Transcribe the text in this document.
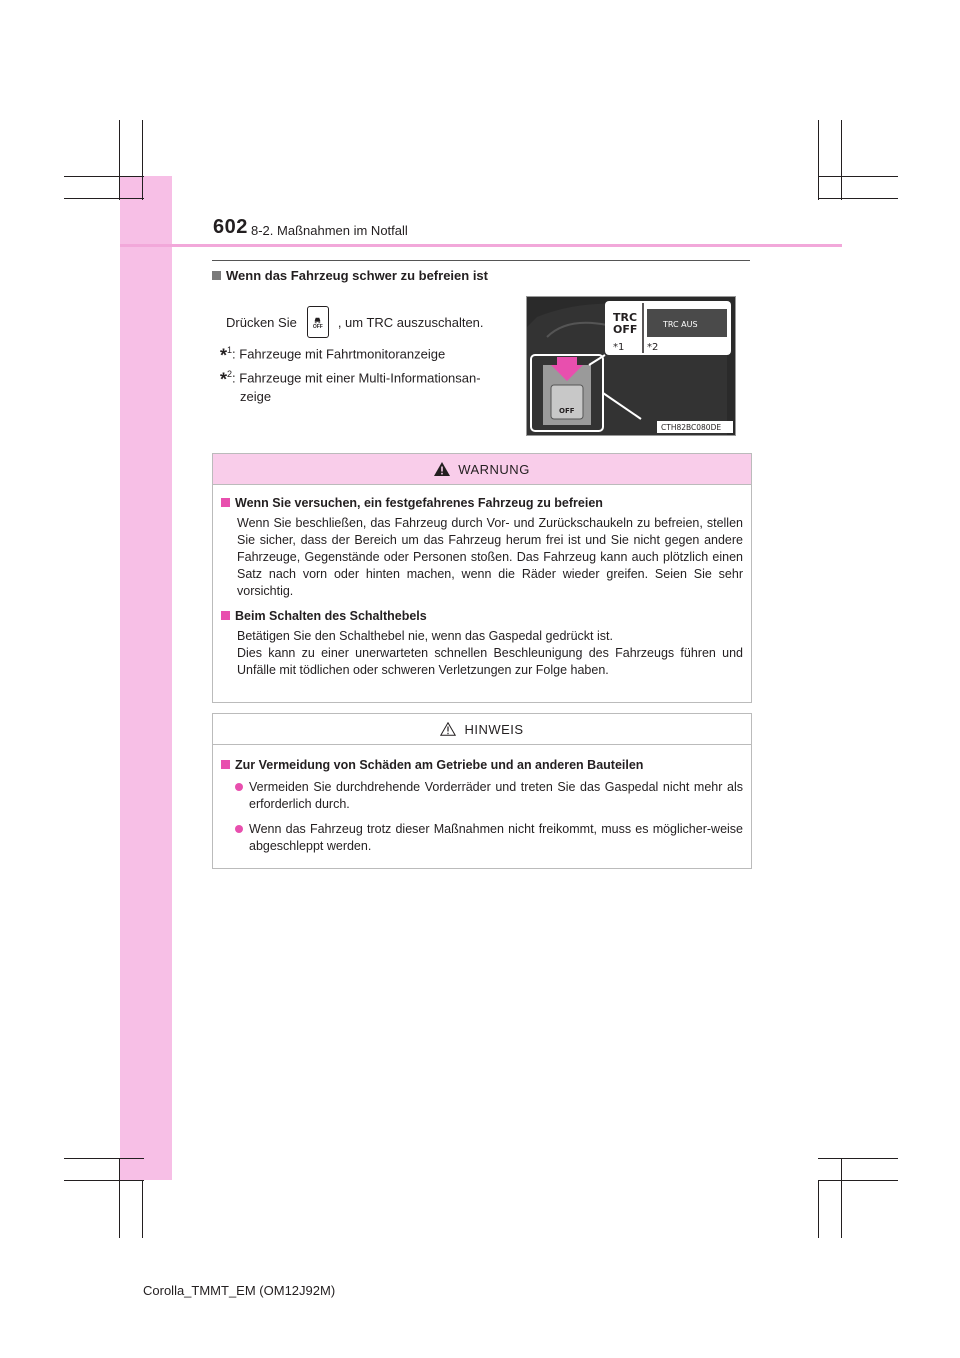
602 8-2. Maßnahmen im Notfall
Wenn das Fahrzeug schwer zu befreien ist
Drücken Sie	OFF , um TRC auszuschalten.
*$^1$: Fahrzeuge mit Fahrtmonitoranzeige
*$^2$: Fahrzeuge mit einer Multi-Informationsan-
zeige
TRC
OFF	TRC AUS
*1 *2
OFF
CTH82BC080DE
WARNUNG
Wenn Sie versuchen, ein festgefahrenes Fahrzeug zu befreien
Wenn Sie beschließen, das Fahrzeug durch Vor- und Zurückschaukeln zu befreien, stellen Sie sicher, dass der Bereich um das Fahrzeug herum frei ist und Sie nicht gegen andere Fahrzeuge, Gegenstände oder Personen stoßen. Das Fahrzeug kann auch plötzlich einen Satz nach vorn oder hinten machen, wenn die Räder wieder greifen. Seien Sie sehr vorsichtig.
Beim Schalten des Schalthebels
Betätigen Sie den Schalthebel nie, wenn das Gaspedal gedrückt ist.
Dies kann zu einer unerwarteten schnellen Beschleunigung des Fahrzeugs führen und Unfälle mit tödlichen oder schweren Verletzungen zur Folge haben.
HINWEIS
Zur Vermeidung von Schäden am Getriebe und an anderen Bauteilen
Vermeiden Sie durchdrehende Vorderräder und treten Sie das Gaspedal nicht mehr als erforderlich durch.
Wenn das Fahrzeug trotz dieser Maßnahmen nicht freikommt, muss es möglicher-weise abgeschleppt werden.
Corolla_TMMT_EM (OM12J92M)
